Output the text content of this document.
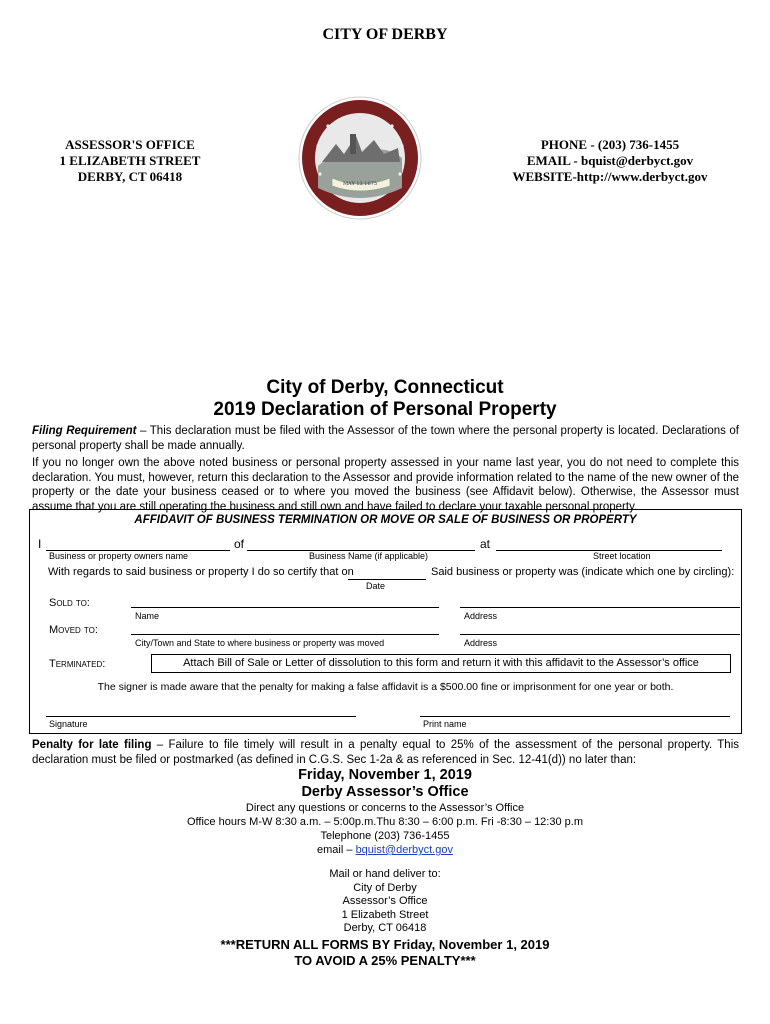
CITY OF DERBY
ASSESSOR'S OFFICE
1 ELIZABETH STREET
DERBY, CT 06418
PHONE - (203) 736-1455
EMAIL - bquist@derbyct.gov
WEBSITE-http://www.derbyct.gov
MAY 13 1675
City of Derby, Connecticut
2019 Declaration of Personal Property
Filing Requirement – This declaration must be filed with the Assessor of the town where the personal property is located. Declarations of personal property shall be made annually.
If you no longer own the above noted business or personal property assessed in your name last year, you do not need to complete this declaration. You must, however, return this declaration to the Assessor and provide information related to the name of the new owner of the property or the date your business ceased or to where you moved the business (see Affidavit below). Otherwise, the Assessor must assume that you are still operating the business and still own and have failed to declare your taxable personal property.
AFFIDAVIT OF BUSINESS TERMINATION OR MOVE OR SALE OF BUSINESS OR PROPERTY
I	of	at
Business or property owners name	Business Name (if applicable)	Street location
With regards to said business or property I do so certify that on	Said business or property was (indicate which one by circling):
Date
Sold to:
Name	Address
Moved to:
City/Town and State to where business or property was moved	Address
Terminated:	Attach Bill of Sale or Letter of dissolution to this form and return it with this affidavit to the Assessor’s office
The signer is made aware that the penalty for making a false affidavit is a $500.00 fine or imprisonment for one year or both.
Signature	Print name
Penalty for late filing – Failure to file timely will result in a penalty equal to 25% of the assessment of the personal property. This declaration must be filed or postmarked (as defined in C.G.S. Sec 1-2a & as referenced in Sec. 12-41(d)) no later than:
Friday, November 1, 2019
Derby Assessor’s Office
Direct any questions or concerns to the Assessor’s Office
Office hours M-W 8:30 a.m. – 5:00p.m.Thu 8:30 – 6:00 p.m. Fri -8:30 – 12:30 p.m
Telephone (203) 736-1455
email – bquist@derbyct.gov
Mail or hand deliver to:
City of Derby
Assessor’s Office
1 Elizabeth Street
Derby, CT 06418
***RETURN ALL FORMS BY Friday, November 1, 2019
TO AVOID A 25% PENALTY***
